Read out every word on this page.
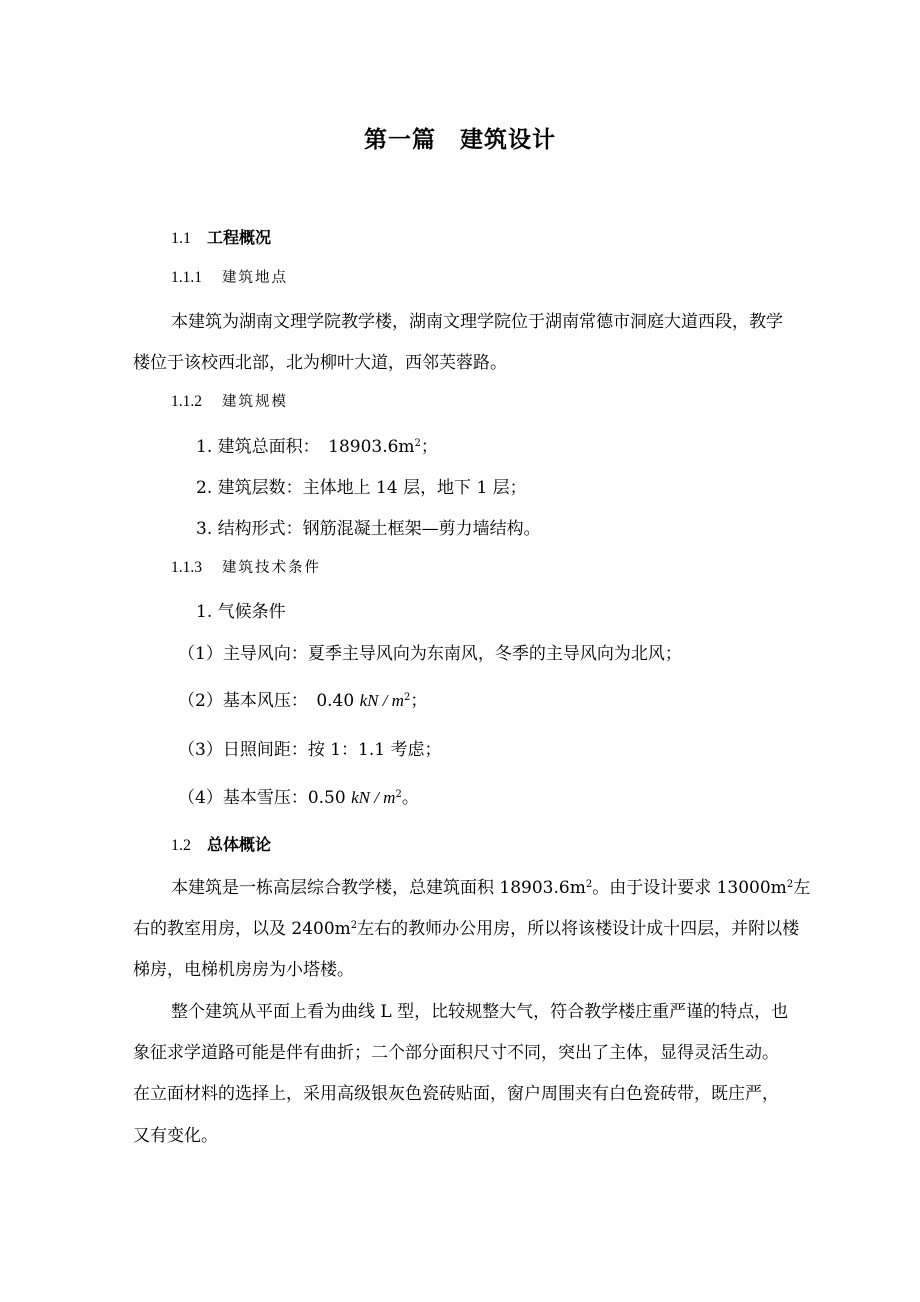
第一篇　建筑设计
1.1 工程概况
1.1.1 建筑地点
本建筑为湖南文理学院教学楼，湖南文理学院位于湖南常德市洞庭大道西段，教学
楼位于该校西北部，北为柳叶大道，西邻芙蓉路。
1.1.2 建筑规模
1. 建筑总面积：　$18903.6m^2$；
2. 建筑层数：主体地上 14 层，地下 1 层；
3. 结构形式：钢筋混凝土框架—剪力墙结构。
1.1.3 建筑技术条件
1. 气候条件
（1）主导风向：夏季主导风向为东南风，冬季的主导风向为北风；
（2）基本风压：　0.40 kN / $m^2$；
（3）日照间距：按 1：1.1 考虑；
（4）基本雪压：0.50 kN / $m^2$。
1.2 总体概论
本建筑是一栋高层综合教学楼，总建筑面积 $18903.6m^2$。由于设计要求 $13000m^2$左
右的教室用房，以及 $2400m^2$左右的教师办公用房，所以将该楼设计成十四层，并附以楼
梯房，电梯机房房为小塔楼。
整个建筑从平面上看为曲线 L 型，比较规整大气，符合教学楼庄重严谨的特点，也
象征求学道路可能是伴有曲折；二个部分面积尺寸不同，突出了主体，显得灵活生动。
在立面材料的选择上，采用高级银灰色瓷砖贴面，窗户周围夹有白色瓷砖带，既庄严，
又有变化。
